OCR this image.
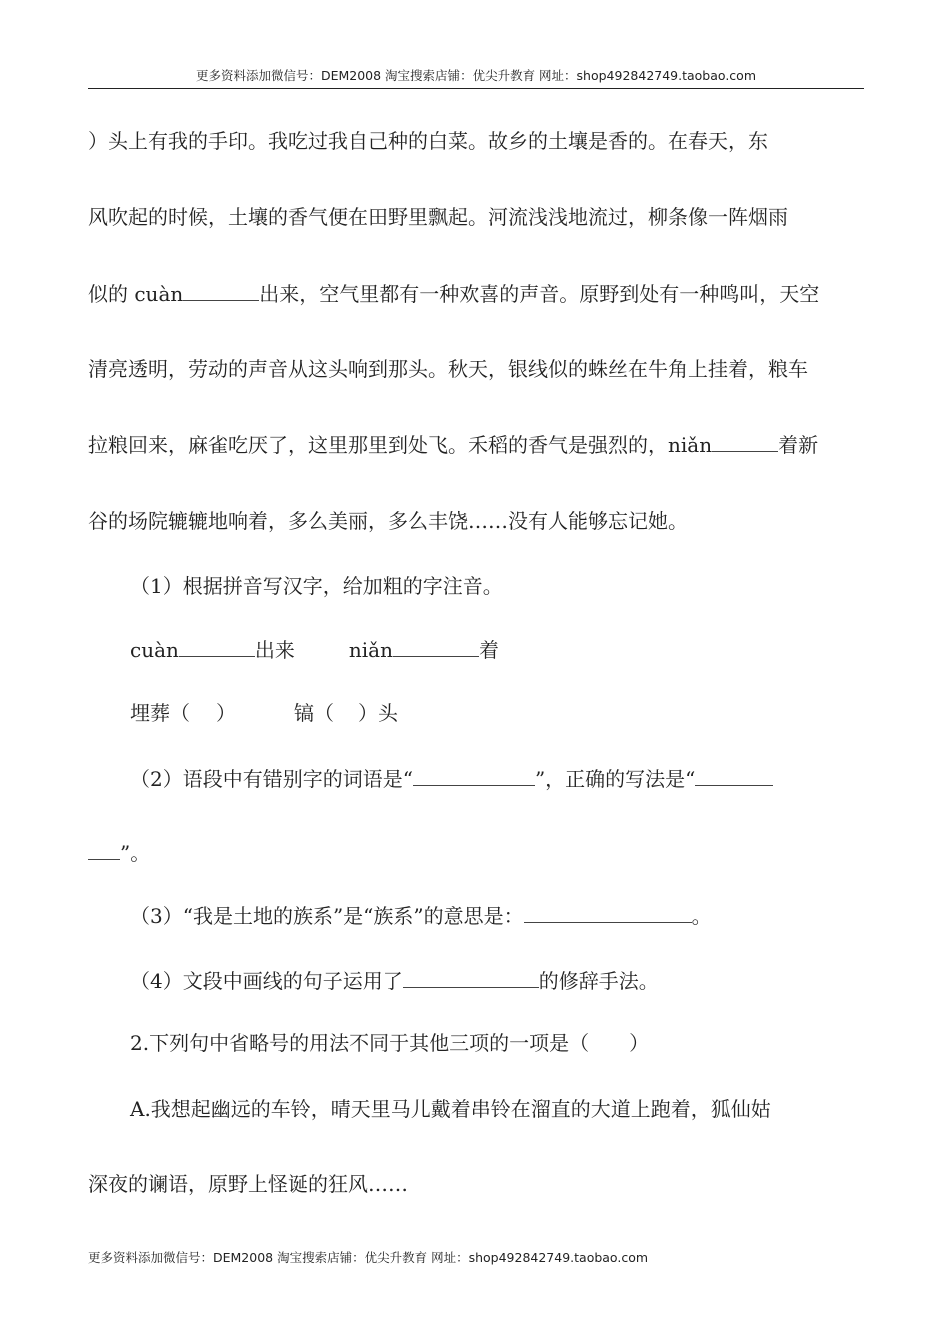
更多资料添加微信号：DEM2008 淘宝搜索店铺：优尖升教育 网址：shop492842749.taobao.com
）头上有我的手印。我吃过我自己种的白菜。故乡的土壤是香的。在春天，东
风吹起的时候，土壤的香气便在田野里飘起。河流浅浅地流过，柳条像一阵烟雨
似的 cuàn	出来，空气里都有一种欢喜的声音。原野到处有一种鸣叫，天空
清亮透明，劳动的声音从这头响到那头。秋天，银线似的蛛丝在牛角上挂着，粮车
拉粮回来，麻雀吃厌了，这里那里到处飞。禾稻的香气是强烈的，niǎn	着新
谷的场院辘辘地响着，多么美丽，多么丰饶……没有人能够忘记她。
（1）根据拼音写汉字，给加粗的字注音。
cuàn	出来	niǎn	着
埋葬（ ）	镐（ ）头
（2）语段中有错别字的词语是“	”，正确的写法是“
”。
（3）“我是土地的族系”是“族系”的意思是：	。
（4）文段中画线的句子运用了	的修辞手法。
2.下列句中省略号的用法不同于其他三项的一项是（　　）
A.我想起幽远的车铃，晴天里马儿戴着串铃在溜直的大道上跑着，狐仙姑
深夜的谰语，原野上怪诞的狂风……
更多资料添加微信号：DEM2008 淘宝搜索店铺：优尖升教育 网址：shop492842749.taobao.com
